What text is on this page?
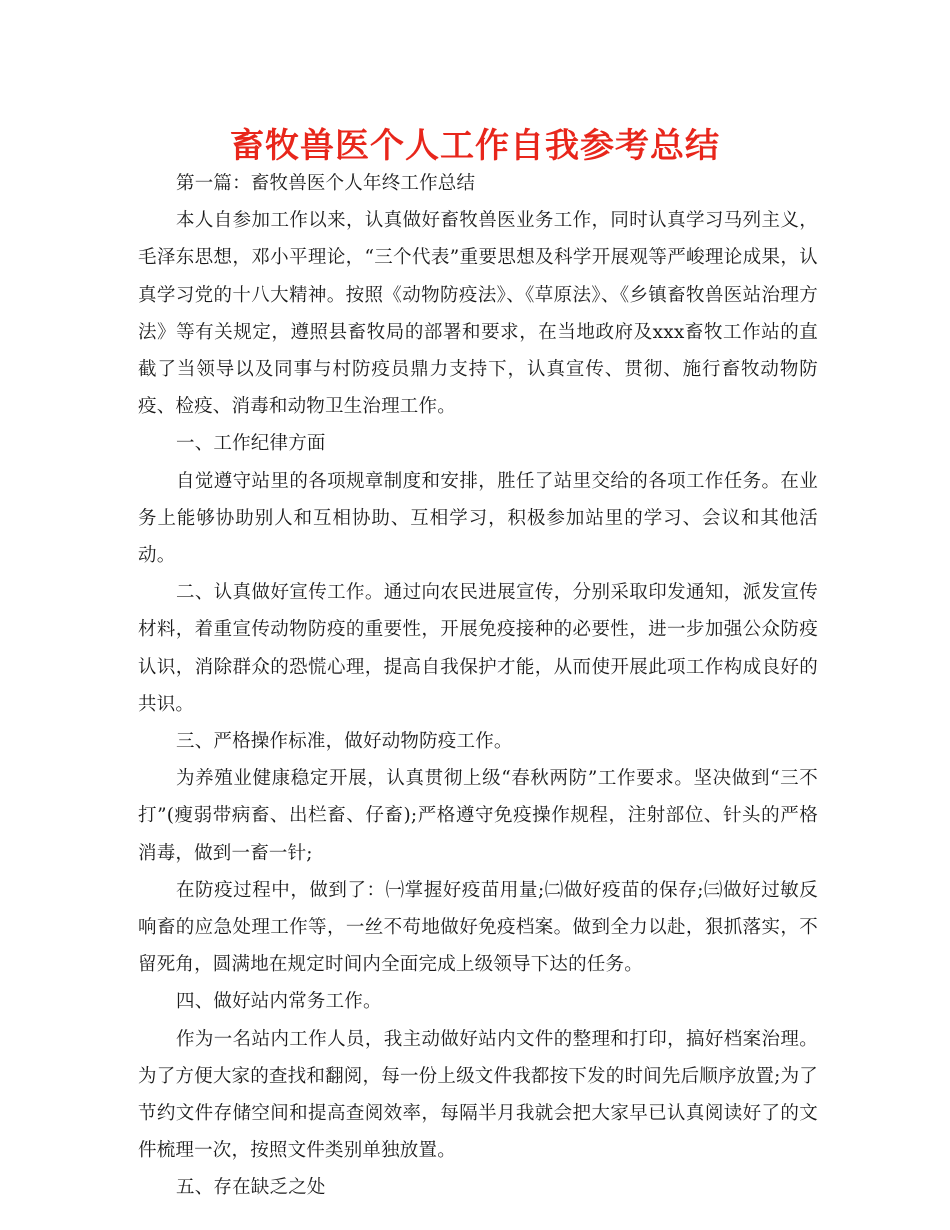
畜牧兽医个人工作自我参考总结

第一篇：畜牧兽医个人年终工作总结

本人自参加工作以来，认真做好畜牧兽医业务工作，同时认真学习马列主义，毛泽东思想，邓小平理论，“三个代表”重要思想及科学开展观等严峻理论成果，认真学习党的十八大精神。按照《动物防疫法》、《草原法》、《乡镇畜牧兽医站治理方法》等有关规定，遵照县畜牧局的部署和要求，在当地政府及xxx畜牧工作站的直截了当领导以及同事与村防疫员鼎力支持下，认真宣传、贯彻、施行畜牧动物防疫、检疫、消毒和动物卫生治理工作。

一、工作纪律方面

自觉遵守站里的各项规章制度和安排，胜任了站里交给的各项工作任务。在业务上能够协助别人和互相协助、互相学习，积极参加站里的学习、会议和其他活动。

二、认真做好宣传工作。通过向农民进展宣传，分别采取印发通知，派发宣传材料，着重宣传动物防疫的重要性，开展免疫接种的必要性，进一步加强公众防疫认识，消除群众的恐慌心理，提高自我保护才能，从而使开展此项工作构成良好的共识。

三、严格操作标准，做好动物防疫工作。

为养殖业健康稳定开展，认真贯彻上级“春秋两防”工作要求。坚决做到“三不打”(瘦弱带病畜、出栏畜、仔畜);严格遵守免疫操作规程，注射部位、针头的严格消毒，做到一畜一针;

在防疫过程中，做到了：㈠掌握好疫苗用量;㈡做好疫苗的保存;㈢做好过敏反响畜的应急处理工作等，一丝不苟地做好免疫档案。做到全力以赴，狠抓落实，不留死角，圆满地在规定时间内全面完成上级领导下达的任务。

四、做好站内常务工作。

作为一名站内工作人员，我主动做好站内文件的整理和打印，搞好档案治理。为了方便大家的查找和翻阅，每一份上级文件我都按下发的时间先后顺序放置;为了节约文件存储空间和提高查阅效率，每隔半月我就会把大家早已认真阅读好了的文件梳理一次，按照文件类别单独放置。

五、存在缺乏之处
